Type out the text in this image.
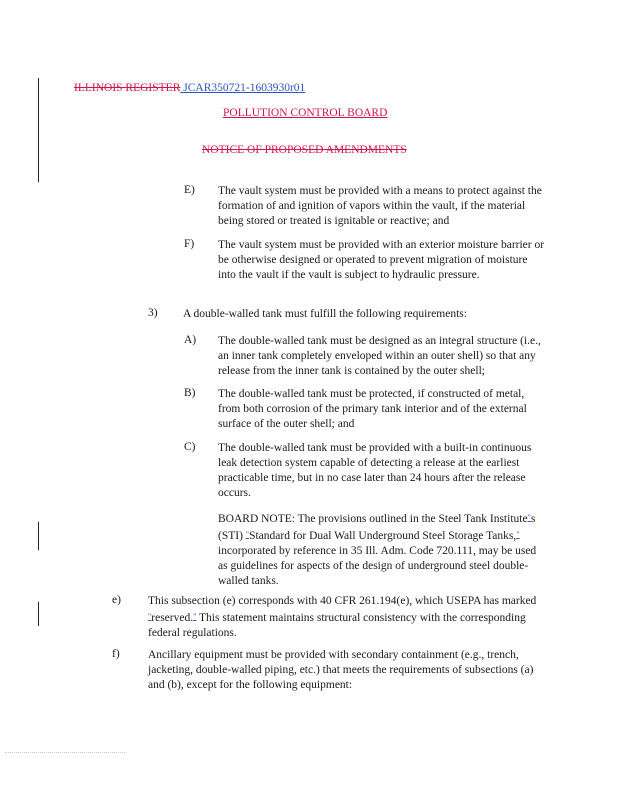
ILLINOIS REGISTER JCAR350721-1603930r01
POLLUTION CONTROL BOARD
NOTICE OF PROPOSED AMENDMENTS
E) The vault system must be provided with a means to protect against the formation of and ignition of vapors within the vault, if the material being stored or treated is ignitable or reactive; and
F) The vault system must be provided with an exterior moisture barrier or be otherwise designed or operated to prevent migration of moisture into the vault if the vault is subject to hydraulic pressure.
3) A double-walled tank must fulfill the following requirements:
A) The double-walled tank must be designed as an integral structure (i.e., an inner tank completely enveloped within an outer shell) so that any release from the inner tank is contained by the outer shell;
B) The double-walled tank must be protected, if constructed of metal, from both corrosion of the primary tank interior and of the external surface of the outer shell; and
C) The double-walled tank must be provided with a built-in continuous leak detection system capable of detecting a release at the earliest practicable time, but in no case later than 24 hours after the release occurs.
BOARD NOTE: The provisions outlined in the Steel Tank Institute"s (STI) "Standard for Dual Wall Underground Steel Storage Tanks," incorporated by reference in 35 Ill. Adm. Code 720.111, may be used as guidelines for aspects of the design of underground steel double-walled tanks.
e) This subsection (e) corresponds with 40 CFR 261.194(e), which USEPA has marked "reserved." This statement maintains structural consistency with the corresponding federal regulations.
f) Ancillary equipment must be provided with secondary containment (e.g., trench, jacketing, double-walled piping, etc.) that meets the requirements of subsections (a) and (b), except for the following equipment:
